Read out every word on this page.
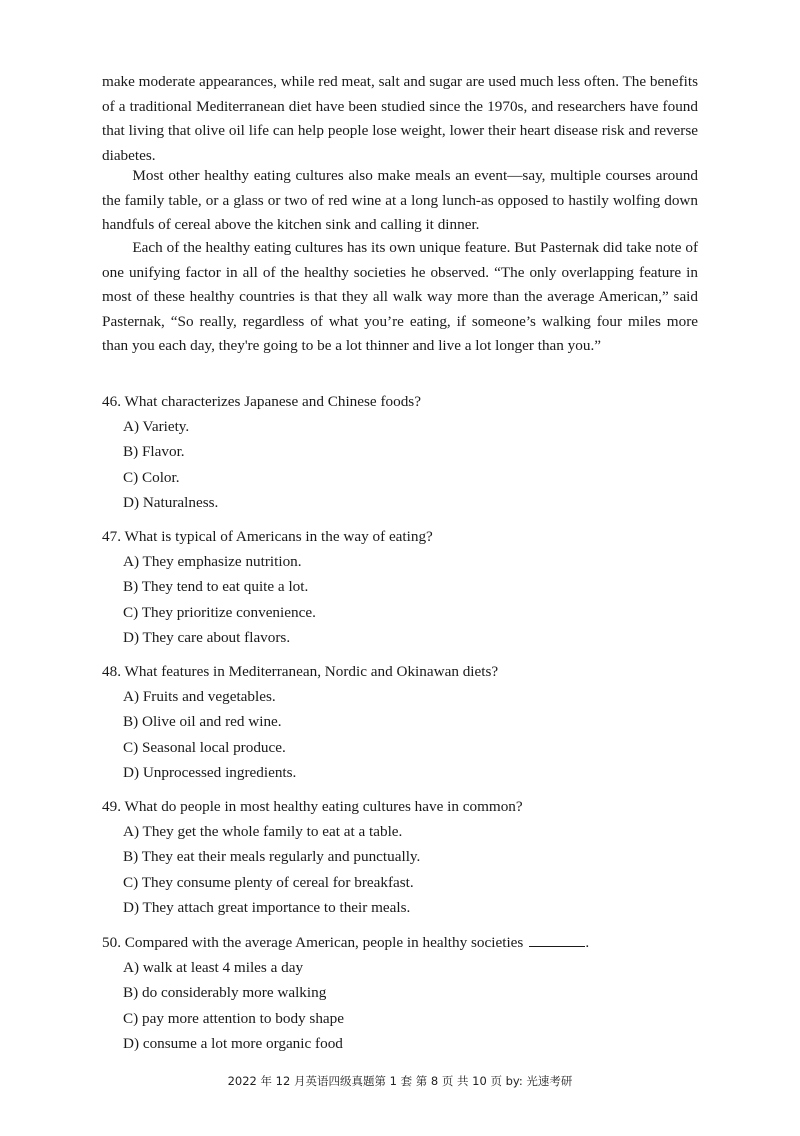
make moderate appearances, while red meat, salt and sugar are used much less often. The benefits of a traditional Mediterranean diet have been studied since the 1970s, and researchers have found that living that olive oil life can help people lose weight, lower their heart disease risk and reverse diabetes.

Most other healthy eating cultures also make meals an event—say, multiple courses around the family table, or a glass or two of red wine at a long lunch-as opposed to hastily wolfing down handfuls of cereal above the kitchen sink and calling it dinner.

Each of the healthy eating cultures has its own unique feature. But Pasternak did take note of one unifying factor in all of the healthy societies he observed. “The only overlapping feature in most of these healthy countries is that they all walk way more than the average American,” said Pasternak, “So really, regardless of what you’re eating, if someone’s walking four miles more than you each day, they're going to be a lot thinner and live a lot longer than you.”

46. What characterizes Japanese and Chinese foods?

A) Variety.

B) Flavor.

C) Color.

D) Naturalness.

47. What is typical of Americans in the way of eating?

A) They emphasize nutrition.

B) They tend to eat quite a lot.

C) They prioritize convenience.

D) They care about flavors.

48. What features in Mediterranean, Nordic and Okinawan diets?

A) Fruits and vegetables.

B) Olive oil and red wine.

C) Seasonal local produce.

D) Unprocessed ingredients.

49. What do people in most healthy eating cultures have in common?

A) They get the whole family to eat at a table.

B) They eat their meals regularly and punctually.

C) They consume plenty of cereal for breakfast.

D) They attach great importance to their meals.

50. Compared with the average American, people in healthy societies	.

A) walk at least 4 miles a day

B) do considerably more walking

C) pay more attention to body shape

D) consume a lot more organic food

2022 年 12 月英语四级真题第 1 套 第 8 页 共 10 页 by: 光速考研
